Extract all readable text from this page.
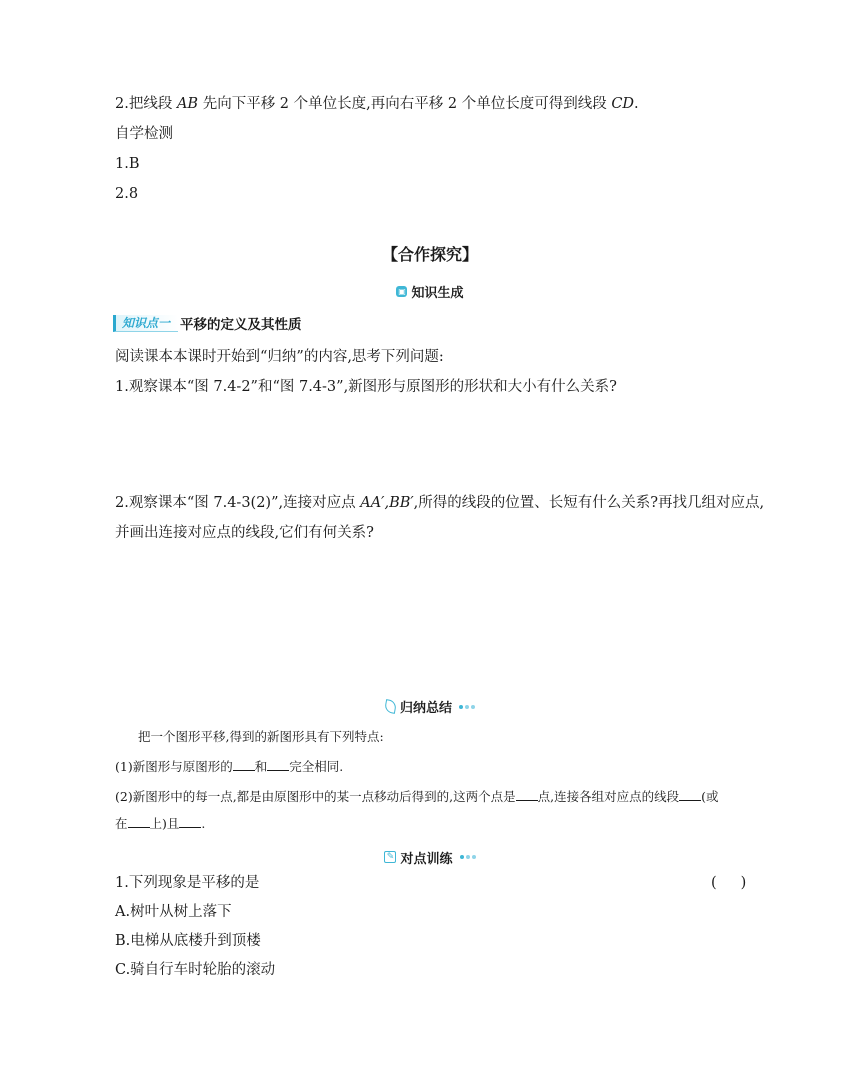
2.把线段 AB 先向下平移 2 个单位长度,再向右平移 2 个单位长度可得到线段 CD.
自学检测
1.B
2.8
【合作探究】
▣ 知识生成
知识点一 平移的定义及其性质
阅读课本本课时开始到“归纳”的内容,思考下列问题:
1.观察课本“图 7.4-2”和“图 7.4-3”,新图形与原图形的形状和大小有什么关系?
2.观察课本“图 7.4-3(2)”,连接对应点 AA′,BB′,所得的线段的位置、长短有什么关系?再找几组对应点,
并画出连接对应点的线段,它们有何关系?
归纳总结
把一个图形平移,得到的新图形具有下列特点:
(1)新图形与原图形的 和 完全相同.
(2)新图形中的每一点,都是由原图形中的某一点移动后得到的,这两个点是 点,连接各组对应点的线段 (或
在 上)且 .
✎ 对点训练
1.下列现象是平移的是	( )
A.树叶从树上落下
B.电梯从底楼升到顶楼
C.骑自行车时轮胎的滚动
